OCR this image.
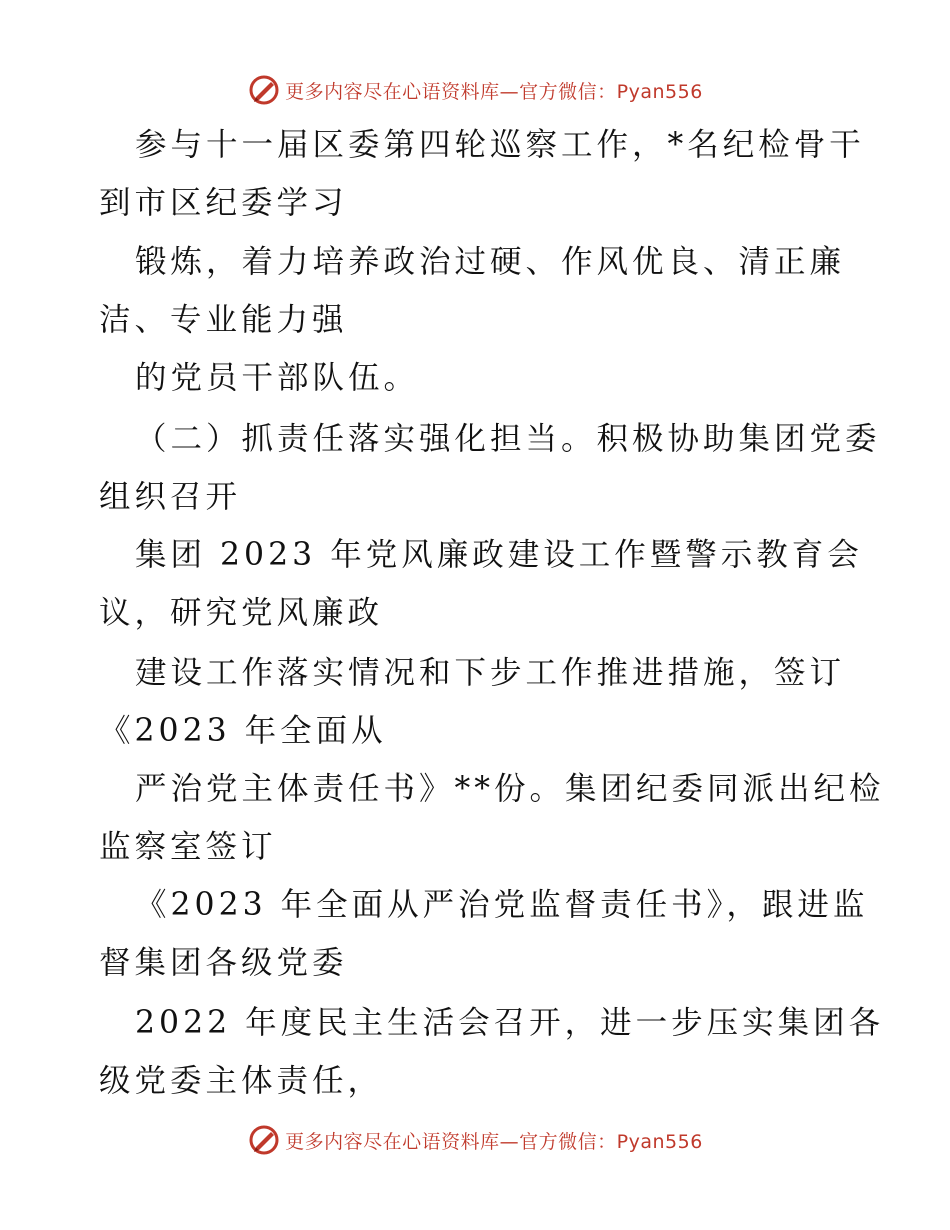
更多内容尽在心语资料库—官方微信：Pyan556
参与十一届区委第四轮巡察工作，*名纪检骨干
到市区纪委学习
锻炼，着力培养政治过硬、作风优良、清正廉
洁、专业能力强
的党员干部队伍。
（二）抓责任落实强化担当。积极协助集团党委
组织召开
集团 2023 年党风廉政建设工作暨警示教育会
议，研究党风廉政
建设工作落实情况和下步工作推进措施，签订
《2023 年全面从
严治党主体责任书》**份。集团纪委同派出纪检
监察室签订
《2023 年全面从严治党监督责任书》，跟进监
督集团各级党委
2022 年度民主生活会召开，进一步压实集团各
级党委主体责任，
更多内容尽在心语资料库—官方微信：Pyan556
